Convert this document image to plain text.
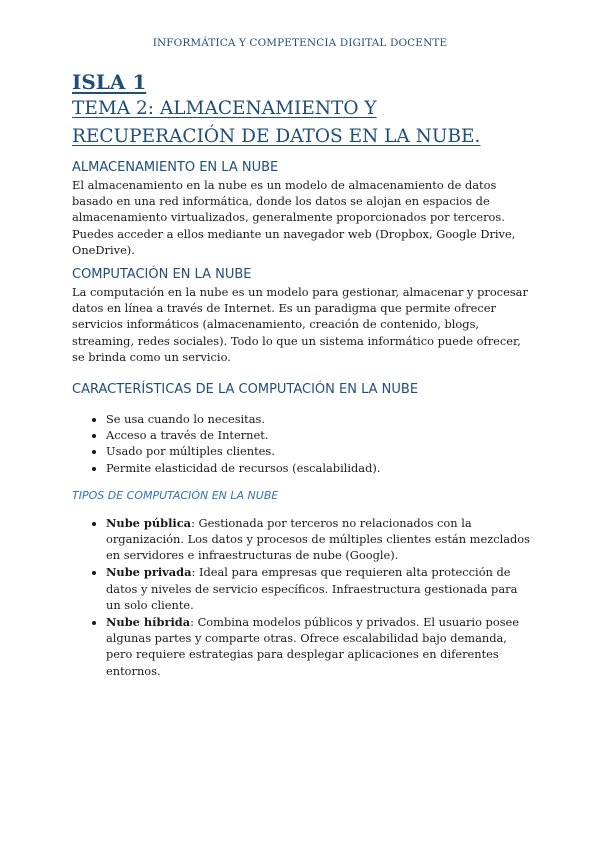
INFORMÁTICA Y COMPETENCIA DIGITAL DOCENTE
ISLA 1
TEMA 2: ALMACENAMIENTO Y
RECUPERACIÓN DE DATOS EN LA NUBE.
ALMACENAMIENTO EN LA NUBE

El almacenamiento en la nube es un modelo de almacenamiento de datos basado en una red informática, donde los datos se alojan en espacios de almacenamiento virtualizados, generalmente proporcionados por terceros. Puedes acceder a ellos mediante un navegador web (Dropbox, Google Drive, OneDrive).

COMPUTACIÓN EN LA NUBE

La computación en la nube es un modelo para gestionar, almacenar y procesar datos en línea a través de Internet. Es un paradigma que permite ofrecer servicios informáticos (almacenamiento, creación de contenido, blogs, streaming, redes sociales). Todo lo que un sistema informático puede ofrecer, se brinda como un servicio.

CARACTERÍSTICAS DE LA COMPUTACIÓN EN LA NUBE
• Se usa cuando lo necesitas.
• Acceso a través de Internet.
• Usado por múltiples clientes.
• Permite elasticidad de recursos (escalabilidad).
TIPOS DE COMPUTACIÓN EN LA NUBE
• Nube pública: Gestionada por terceros no relacionados con la organización. Los datos y procesos de múltiples clientes están mezclados en servidores e infraestructuras de nube (Google).
• Nube privada: Ideal para empresas que requieren alta protección de datos y niveles de servicio específicos. Infraestructura gestionada para un solo cliente.
• Nube híbrida: Combina modelos públicos y privados. El usuario posee algunas partes y comparte otras. Ofrece escalabilidad bajo demanda, pero requiere estrategias para desplegar aplicaciones en diferentes entornos.
